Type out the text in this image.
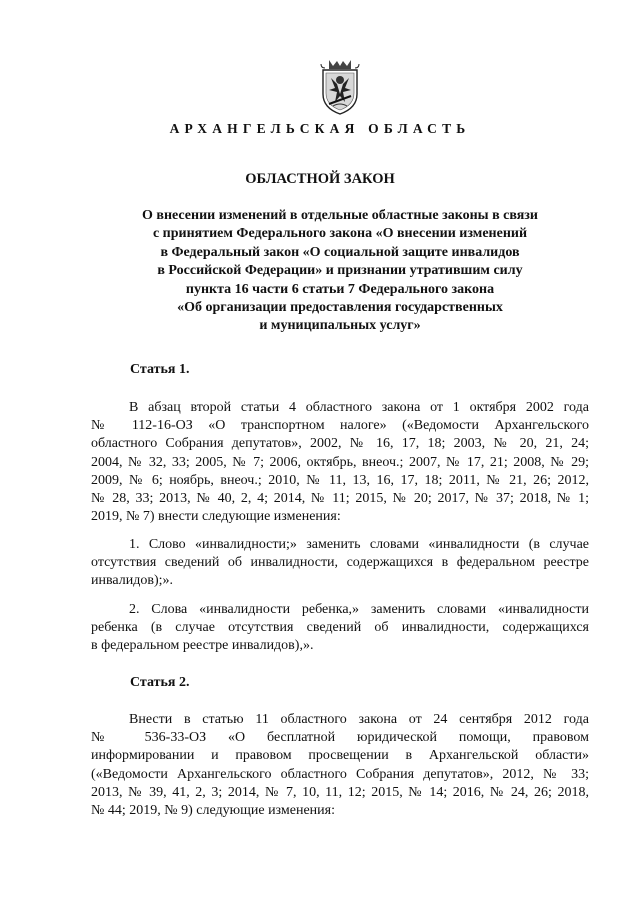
АРХАНГЕЛЬСКАЯ ОБЛАСТЬ
ОБЛАСТНОЙ ЗАКОН
О внесении изменений в отдельные областные законы в связи
с принятием Федерального закона «О внесении изменений
в Федеральный закон «О социальной защите инвалидов
в Российской Федерации» и признании утратившим силу
пункта 16 части 6 статьи 7 Федерального закона
«Об организации предоставления государственных
и муниципальных услуг»
Статья 1.
В абзац второй статьи 4 областного закона от 1 октября 2002 года
№ 112-16-ОЗ «О транспортном налоге» («Ведомости Архангельского
областного Собрания депутатов», 2002, № 16, 17, 18; 2003, № 20, 21, 24;
2004, № 32, 33; 2005, № 7; 2006, октябрь, внеоч.; 2007, № 17, 21; 2008, № 29;
2009, № 6; ноябрь, внеоч.; 2010, № 11, 13, 16, 17, 18; 2011, № 21, 26; 2012,
№ 28, 33; 2013, № 40, 2, 4; 2014, № 11; 2015, № 20; 2017, № 37; 2018, № 1;
2019, № 7) внести следующие изменения:
1. Слово «инвалидности;» заменить словами «инвалидности (в случае
отсутствия сведений об инвалидности, содержащихся в федеральном реестре
инвалидов);».
2. Слова «инвалидности ребенка,» заменить словами «инвалидности
ребенка (в случае отсутствия сведений об инвалидности, содержащихся
в федеральном реестре инвалидов),».
Статья 2.
Внести в статью 11 областного закона от 24 сентября 2012 года
№ 536-33-ОЗ «О бесплатной юридической помощи, правовом
информировании и правовом просвещении в Архангельской области»
(«Ведомости Архангельского областного Собрания депутатов», 2012, № 33;
2013, № 39, 41, 2, 3; 2014, № 7, 10, 11, 12; 2015, № 14; 2016, № 24, 26; 2018,
№ 44; 2019, № 9) следующие изменения:
